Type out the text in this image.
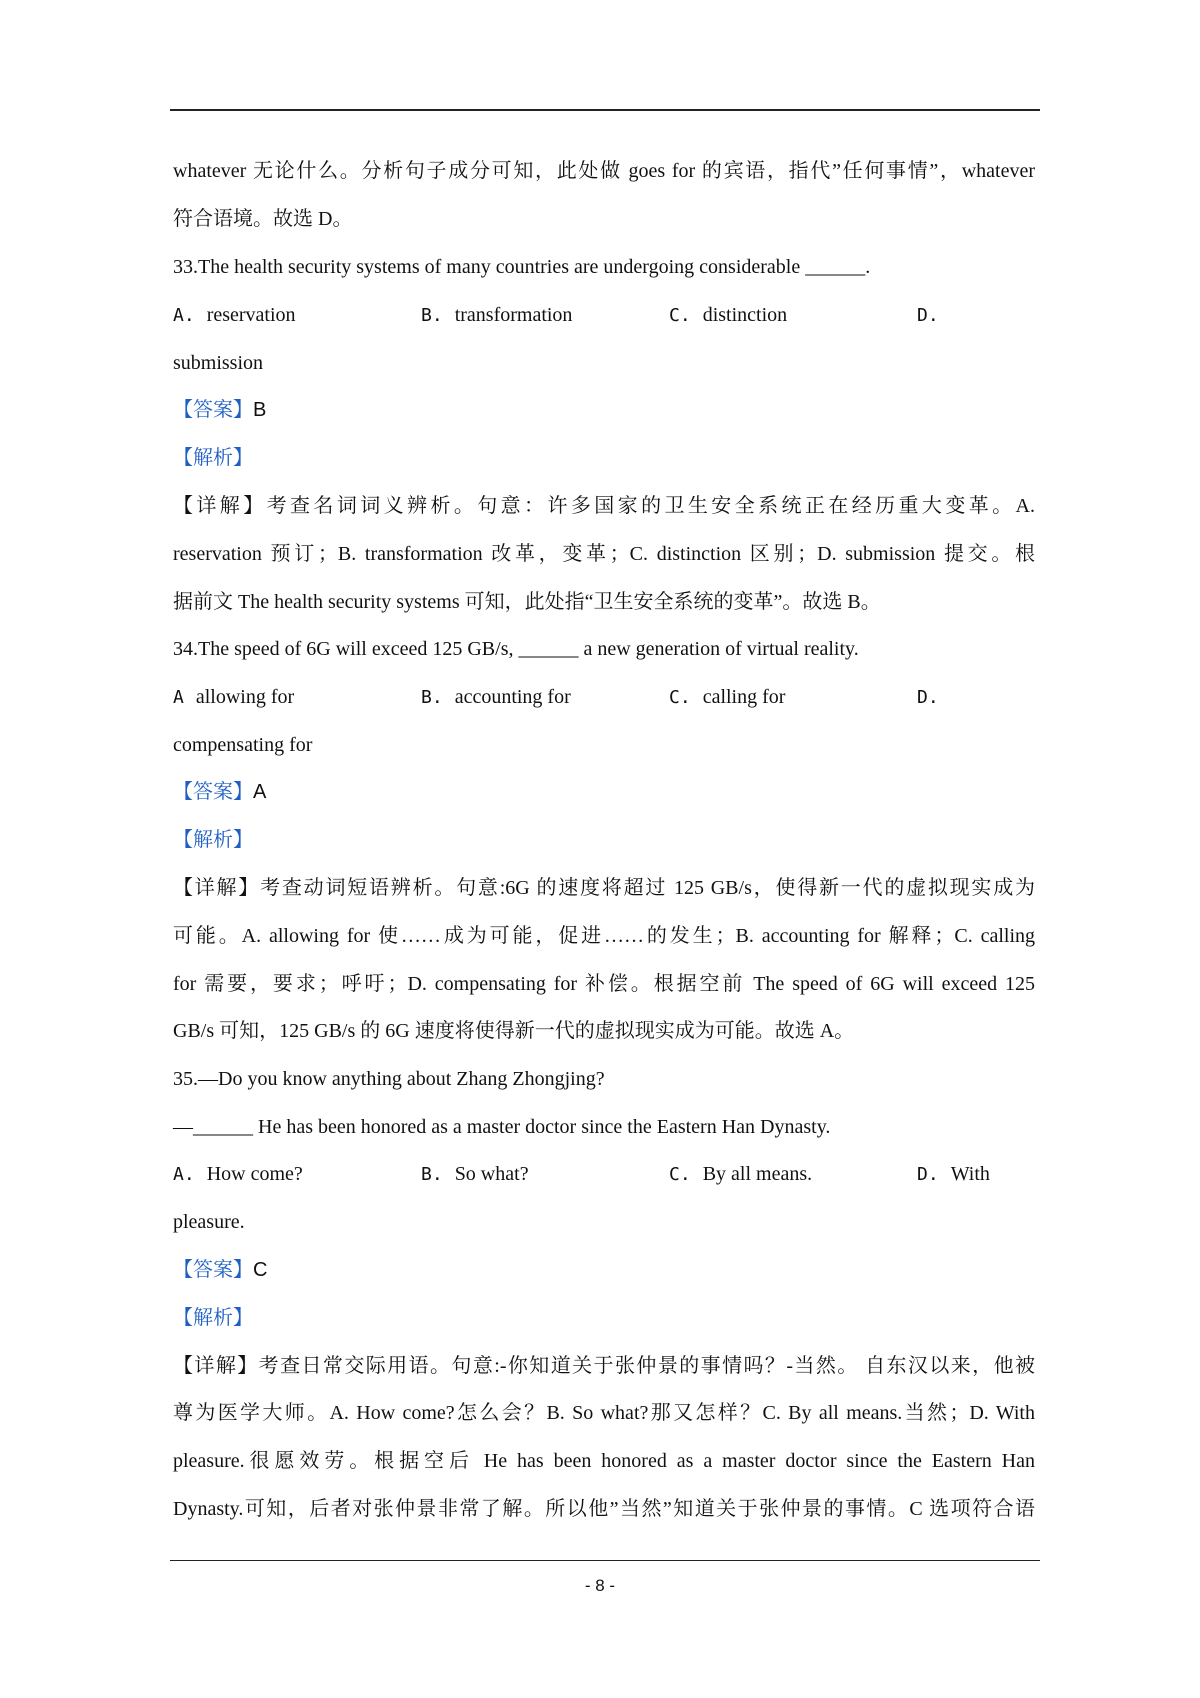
whatever 无论什么。分析句子成分可知，此处做 goes for 的宾语，指代”任何事情”，whatever
符合语境。故选 D。
33.The health security systems of many countries are undergoing considerable ______.
A. reservation	B. transformation	C. distinction	D.
submission
【答案】B
【解析】
【详解】考查名词词义辨析。句意：许多国家的卫生安全系统正在经历重大变革。A.
reservation 预订；B. transformation 改革，变革；C. distinction 区别；D. submission 提交。根
据前文 The health security systems 可知，此处指“卫生安全系统的变革”。故选 B。
34.The speed of 6G will exceed 125 GB/s, ______ a new generation of virtual reality.
A allowing for	B. accounting for	C. calling for	D.
compensating for
【答案】A
【解析】
【详解】考查动词短语辨析。句意:6G 的速度将超过 125 GB/s，使得新一代的虚拟现实成为
可能。A. allowing for 使……成为可能，促进……的发生；B. accounting for 解释；C. calling
for 需要，要求；呼吁；D. compensating for 补偿。根据空前 The speed of 6G will exceed 125
GB/s 可知，125 GB/s 的 6G 速度将使得新一代的虚拟现实成为可能。故选 A。
35.—Do you know anything about Zhang Zhongjing?
—______ He has been honored as a master doctor since the Eastern Han Dynasty.
A. How come?	B. So what?	C. By all means.	D. With
pleasure.
【答案】C
【解析】
【详解】考查日常交际用语。句意:-你知道关于张仲景的事情吗？-当然。 自东汉以来，他被
尊为医学大师。A. How come?怎么会？B. So what?那又怎样？C. By all means.当然；D. With
pleasure.很愿效劳。根据空后 He has been honored as a master doctor since the Eastern Han
Dynasty.可知，后者对张仲景非常了解。所以他”当然”知道关于张仲景的事情。C 选项符合语
- 8 -
